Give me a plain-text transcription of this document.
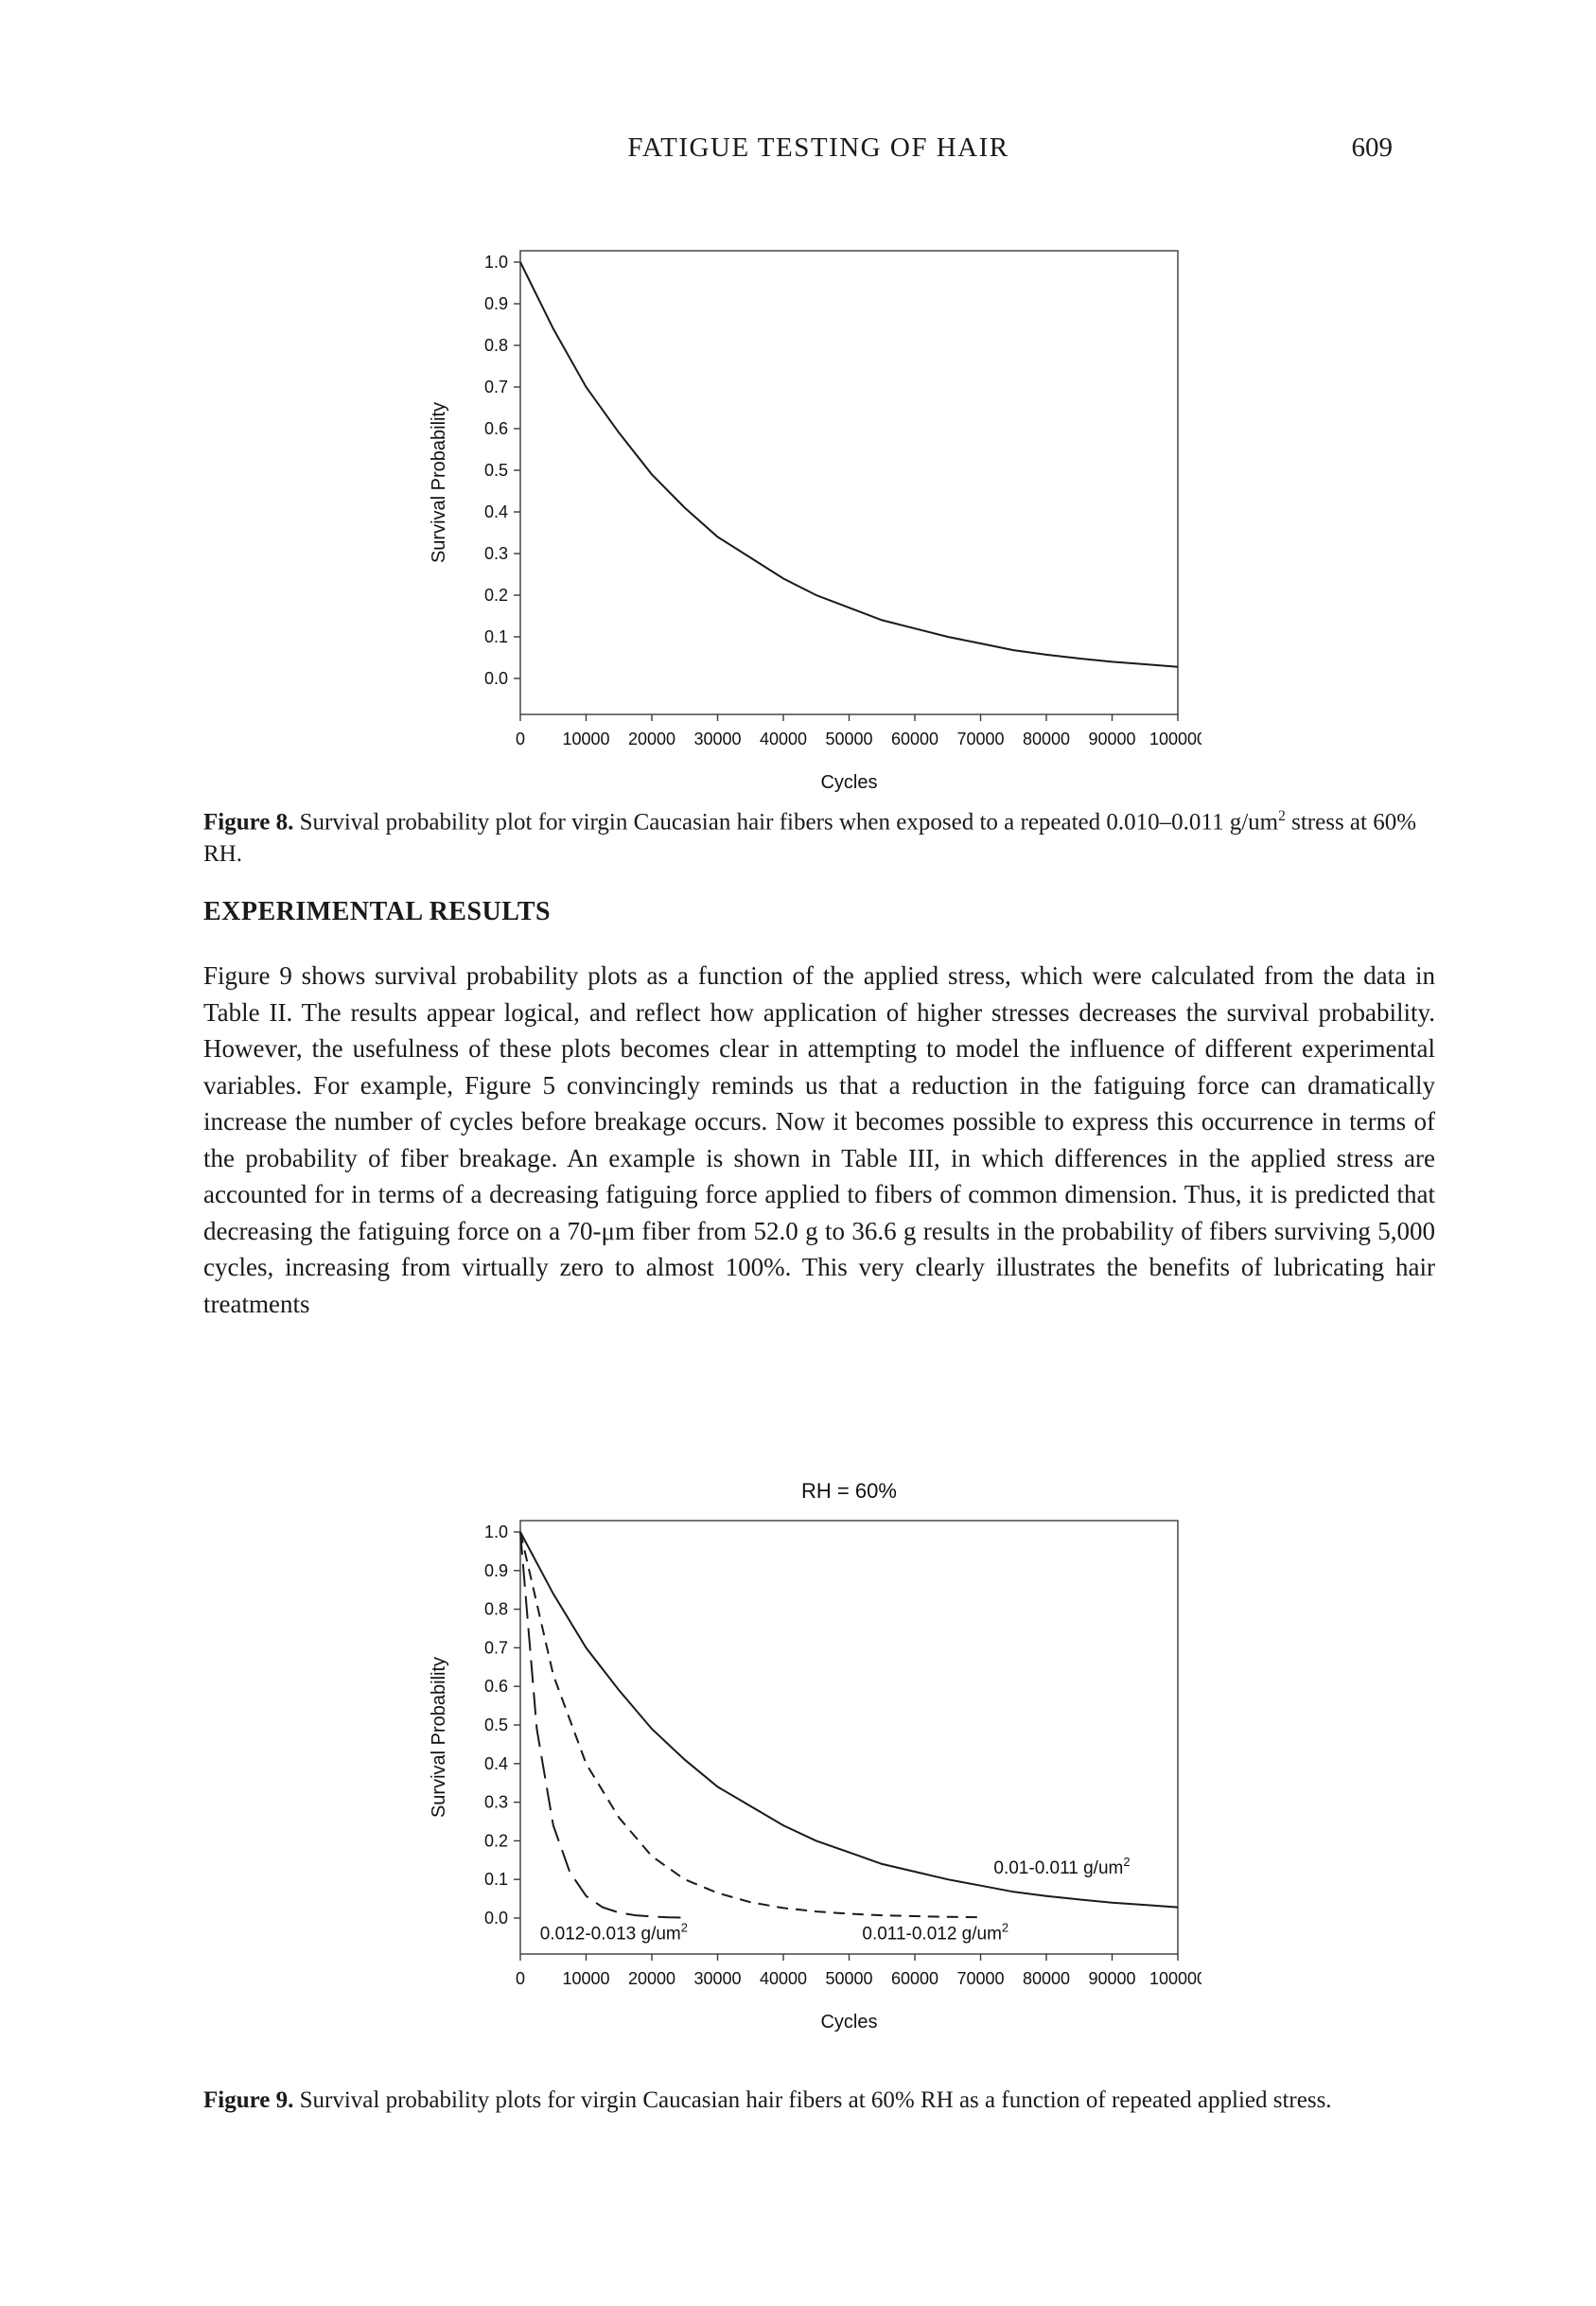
FATIGUE TESTING OF HAIR	609
0.0
0.1
0.2
0.3
0.4
0.5
0.6
0.7
0.8
0.9
1.0
0 10000 20000 30000 40000 50000 60000 70000 80000 90000 100000
Survival Probability
Cycles

Figure 8. Survival probability plot for virgin Caucasian hair fibers when exposed to a repeated 0.010–0.011 $g/um^2$ stress at 60% RH.

EXPERIMENTAL RESULTS

Figure 9 shows survival probability plots as a function of the applied stress, which were calculated from the data in Table II. The results appear logical, and reflect how application of higher stresses decreases the survival probability. However, the usefulness of these plots becomes clear in attempting to model the influence of different experimental variables. For example, Figure 5 convincingly reminds us that a reduction in the fatiguing force can dramatically increase the number of cycles before breakage occurs. Now it becomes possible to express this occurrence in terms of the probability of fiber breakage. An example is shown in Table III, in which differences in the applied stress are accounted for in terms of a decreasing fatiguing force applied to fibers of common dimension. Thus, it is predicted that decreasing the fatiguing force on a 70-μm fiber from 52.0 g to 36.6 g results in the probability of fibers surviving 5,000 cycles, increasing from virtually zero to almost 100%. This very clearly illustrates the benefits of lubricating hair treatments

0.0
0.1
0.2
0.3
0.4
0.5
0.6
0.7
0.8
0.9
1.0
0 10000 20000 30000 40000 50000 60000 70000 80000 90000 100000
Survival Probability
Cycles
RH = 60%
0.01-0.011 $g/um^2$
0.011-0.012 $g/um^2$
0.012-0.013 $g/um^2$

Figure 9. Survival probability plots for virgin Caucasian hair fibers at 60% RH as a function of repeated applied stress.
